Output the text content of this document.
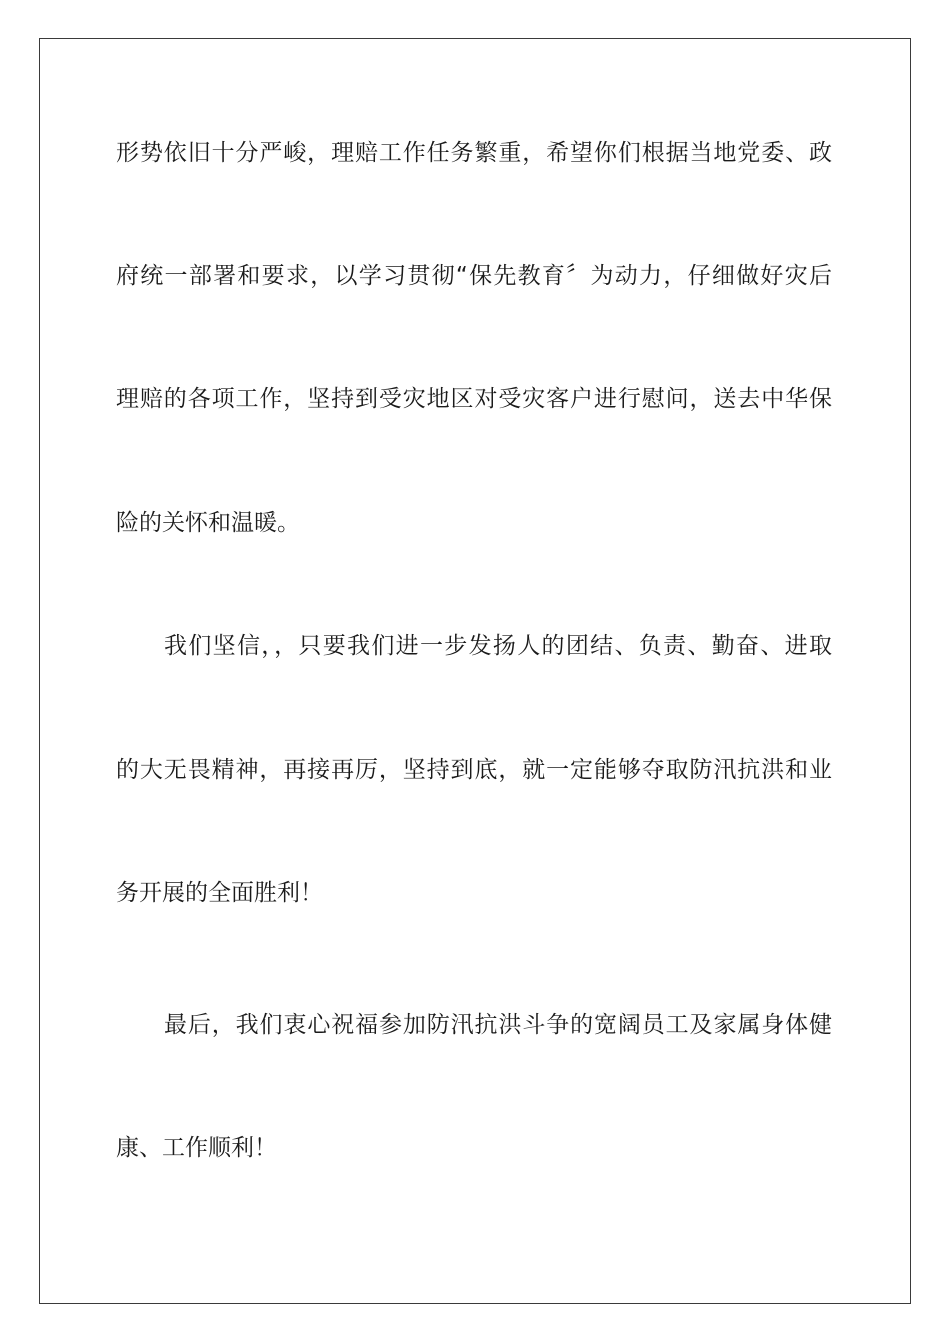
形势依旧十分严峻，理赔工作任务繁重，希望你们根据当地党委、政
府统一部署和要求，以学习贯彻“保先教育〞为动力，仔细做好灾后
理赔的各项工作，坚持到受灾地区对受灾客户进行慰问，送去中华保
险的关怀和温暖。
我们坚信，，只要我们进一步发扬人的团结、负责、勤奋、进取
的大无畏精神，再接再厉，坚持到底，就一定能够夺取防汛抗洪和业
务开展的全面胜利！
最后，我们衷心祝福参加防汛抗洪斗争的宽阔员工及家属身体健
康、工作顺利！
